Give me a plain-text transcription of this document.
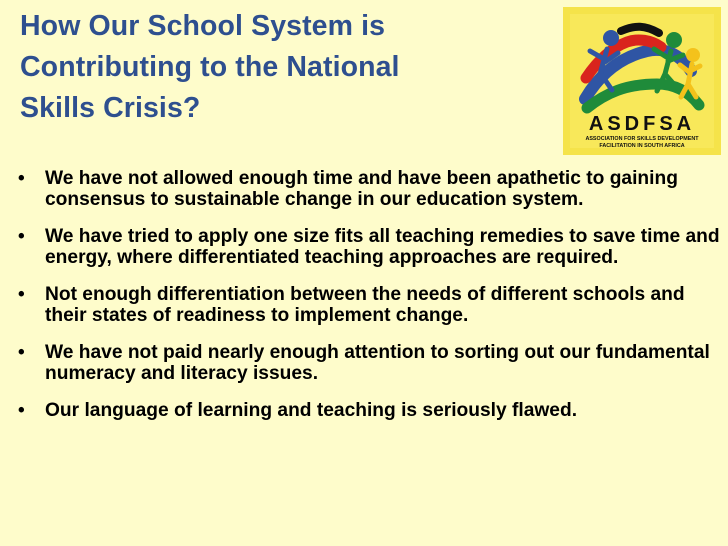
How Our School System is
Contributing to the National
Skills Crisis?	ASDFSA
ASSOCIATION FOR SKILLS DEVELOPMENT
FACILITATION IN SOUTH AFRICA
• We have not allowed enough time and have been apathetic to gaining consensus to sustainable change in our education system.
• We have tried to apply one size fits all teaching remedies to save time and energy, where differentiated teaching approaches are required.
• Not enough differentiation between the needs of different schools and their states of readiness to implement change.
• We have not paid nearly enough attention to sorting out our fundamental numeracy and literacy issues.
• Our language of learning and teaching is seriously flawed.
